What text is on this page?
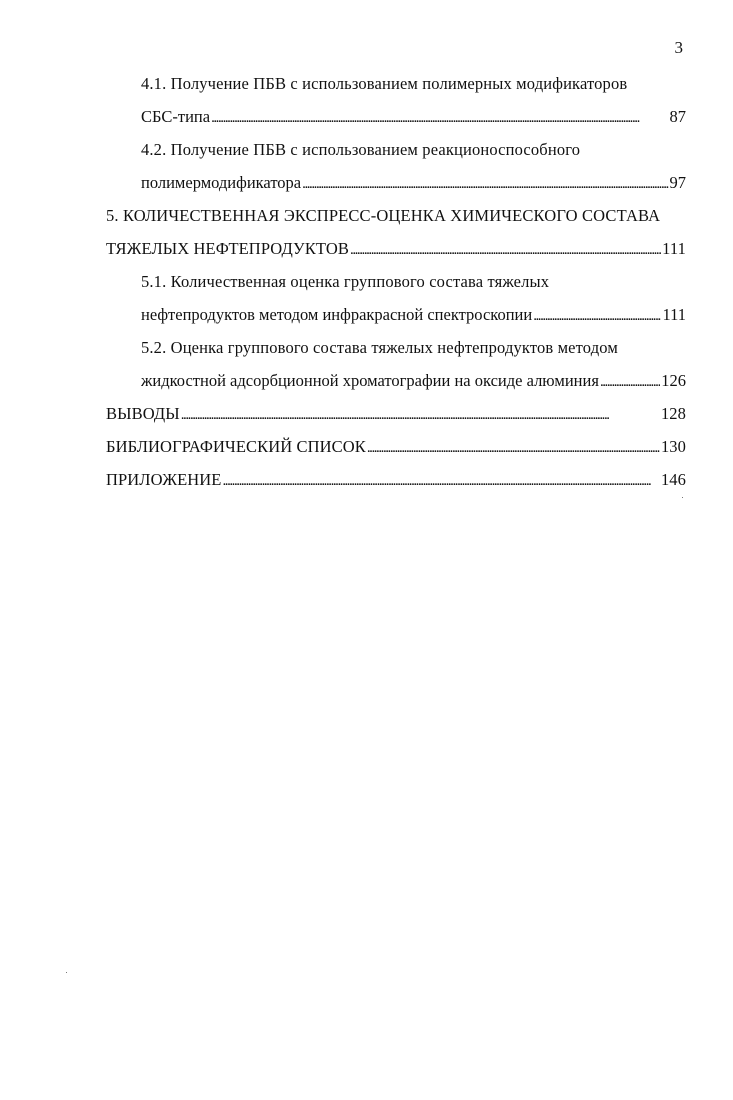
3
4.1. Получение ПБВ с использованием полимерных модификаторов
СБС-типа . . .	87
4.2. Получение ПБВ с использованием реакционоспособного
полимермодификатора . . .	97
5. КОЛИЧЕСТВЕННАЯ ЭКСПРЕСС-ОЦЕНКА ХИМИЧЕСКОГО СОСТАВА
ТЯЖЕЛЫХ НЕФТЕПРОДУКТОВ . . .	111
5.1. Количественная оценка группового состава тяжелых
нефтепродуктов методом инфракрасной спектроскопии . . .	111
5.2. Оценка группового состава тяжелых нефтепродуктов методом
жидкостной адсорбционной хроматографии на оксиде алюминия . . .	126
ВЫВОДЫ . . .	128
БИБЛИОГРАФИЧЕСКИЙ СПИСОК . . .	130
ПРИЛОЖЕНИЕ . . .	146
